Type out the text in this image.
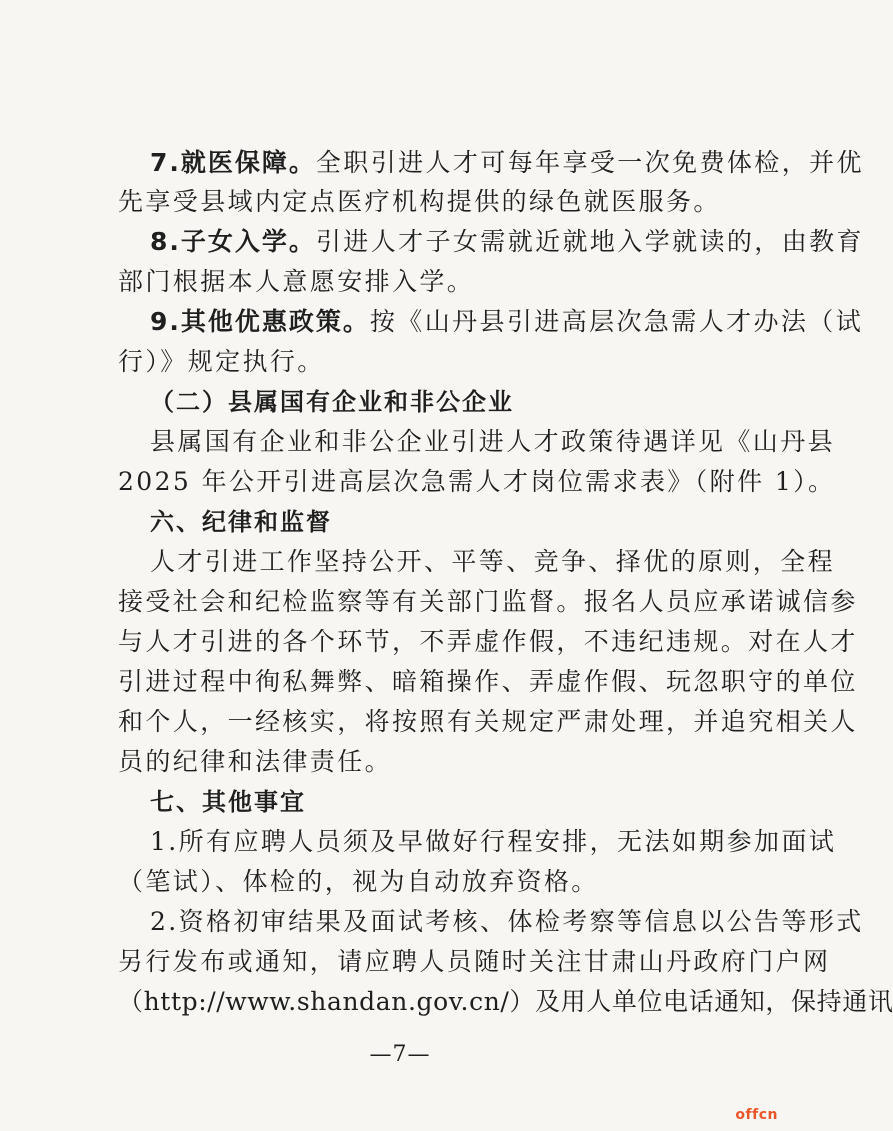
7.就医保障。全职引进人才可每年享受一次免费体检，并优
先享受县域内定点医疗机构提供的绿色就医服务。
8.子女入学。引进人才子女需就近就地入学就读的，由教育
部门根据本人意愿安排入学。
9.其他优惠政策。按《山丹县引进高层次急需人才办法（试
行）》规定执行。
（二）县属国有企业和非公企业
县属国有企业和非公企业引进人才政策待遇详见《山丹县
2025 年公开引进高层次急需人才岗位需求表》（附件 1）。
六、纪律和监督
人才引进工作坚持公开、平等、竞争、择优的原则，全程
接受社会和纪检监察等有关部门监督。报名人员应承诺诚信参
与人才引进的各个环节，不弄虚作假，不违纪违规。对在人才
引进过程中徇私舞弊、暗箱操作、弄虚作假、玩忽职守的单位
和个人，一经核实，将按照有关规定严肃处理，并追究相关人
员的纪律和法律责任。
七、其他事宜
1.所有应聘人员须及早做好行程安排，无法如期参加面试
（笔试）、体检的，视为自动放弃资格。
2.资格初审结果及面试考核、体检考察等信息以公告等形式
另行发布或通知，请应聘人员随时关注甘肃山丹政府门户网
（http://www.shandan.gov.cn/）及用人单位电话通知，保持通讯
—7—
offcn
